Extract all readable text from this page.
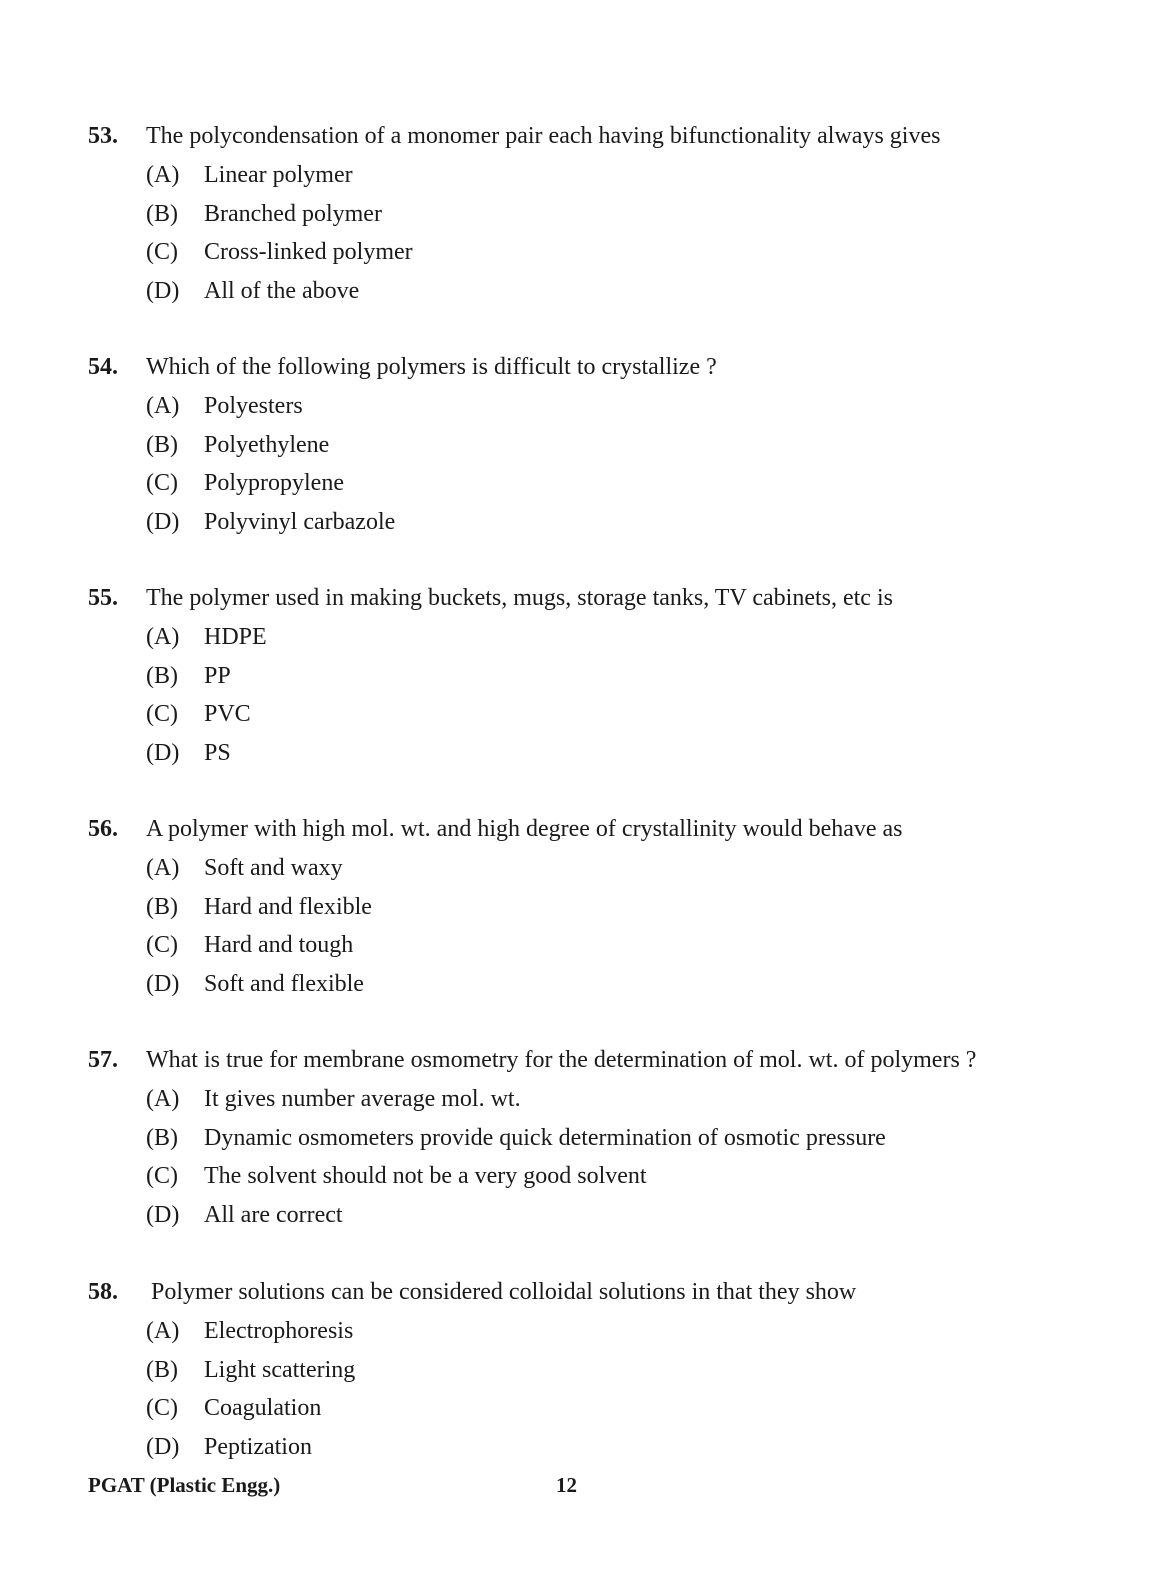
53. The polycondensation of a monomer pair each having bifunctionality always gives
(A) Linear polymer
(B) Branched polymer
(C) Cross-linked polymer
(D) All of the above
54. Which of the following polymers is difficult to crystallize ?
(A) Polyesters
(B) Polyethylene
(C) Polypropylene
(D) Polyvinyl carbazole
55. The polymer used in making buckets, mugs, storage tanks, TV cabinets, etc is
(A) HDPE
(B) PP
(C) PVC
(D) PS
56. A polymer with high mol. wt. and high degree of crystallinity would behave as
(A) Soft and waxy
(B) Hard and flexible
(C) Hard and tough
(D) Soft and flexible
57. What is true for membrane osmometry for the determination of mol. wt. of polymers ?
(A) It gives number average mol. wt.
(B) Dynamic osmometers provide quick determination of osmotic pressure
(C) The solvent should not be a very good solvent
(D) All are correct
58. Polymer solutions can be considered colloidal solutions in that they show
(A) Electrophoresis
(B) Light scattering
(C) Coagulation
(D) Peptization
PGAT (Plastic Engg.)	12
